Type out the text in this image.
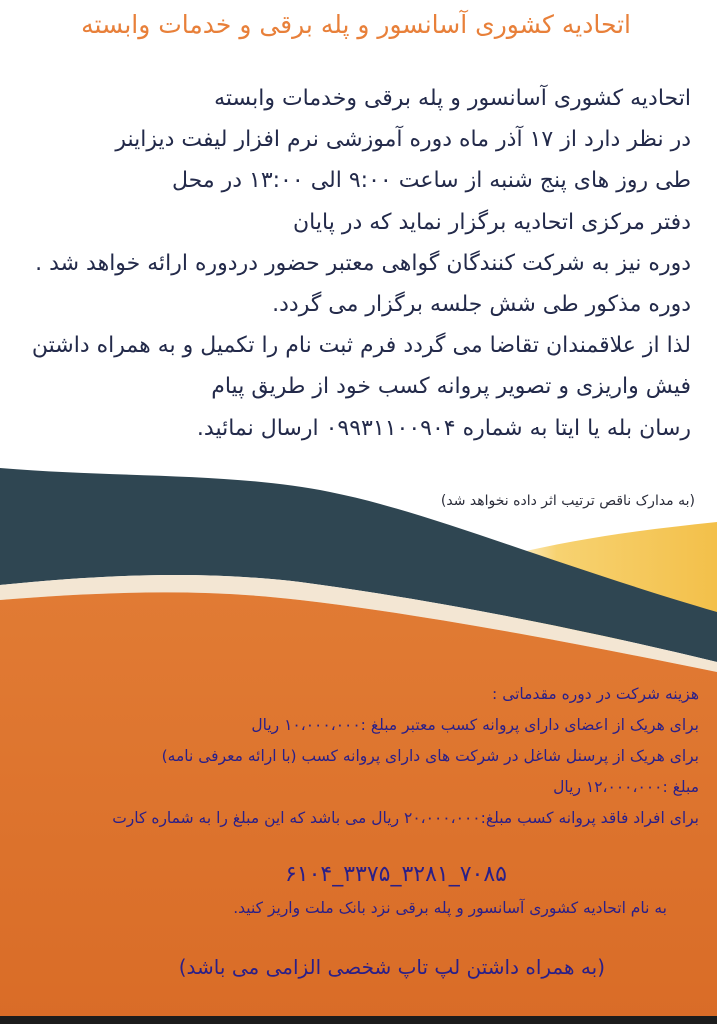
اتحادیه کشوری آسانسور و پله برقی و خدمات وابسته
اتحادیه کشوری آسانسور و پله برقی وخدمات وابسته
در نظر دارد از ۱۷ آذر ماه دوره آموزشی نرم افزار لیفت دیزاینر
طی روز های پنج شنبه از ساعت ۹:۰۰ الی ۱۳:۰۰ در محل
دفتر مرکزی اتحادیه برگزار نماید که در پایان
دوره نیز به شرکت کنندگان گواهی معتبر حضور دردوره ارائه خواهد شد .
دوره مذکور طی شش جلسه برگزار می گردد.
لذا از علاقمندان تقاضا می گردد فرم ثبت نام را تکمیل و به همراه داشتن
فیش واریزی و تصویر پروانه کسب خود از طریق پیام
رسان بله یا ایتا به شماره ۰۹۹۳۱۱۰۰۹۰۴ ارسال نمائید.
(به مدارک ناقص ترتیب اثر داده نخواهد شد)
هزینه شرکت در دوره مقدماتی :
برای هریک از اعضای دارای پروانه کسب معتبر مبلغ :۱۰،۰۰۰،۰۰۰ ریال
برای هریک از پرسنل شاغل در شرکت های دارای پروانه کسب (با ارائه معرفی نامه)
مبلغ :۱۲،۰۰۰،۰۰۰ ریال
برای افراد فاقد پروانه کسب مبلغ:۲۰،۰۰۰،۰۰۰ ریال می باشد که این مبلغ را به شماره کارت
۶۱۰۴_۳۳۷۵_۳۲۸۱_۷۰۸۵
به نام اتحادیه کشوری آسانسور و پله برقی نزد بانک ملت واریز کنید.
(به همراه داشتن لپ تاپ شخصی الزامی می باشد)
